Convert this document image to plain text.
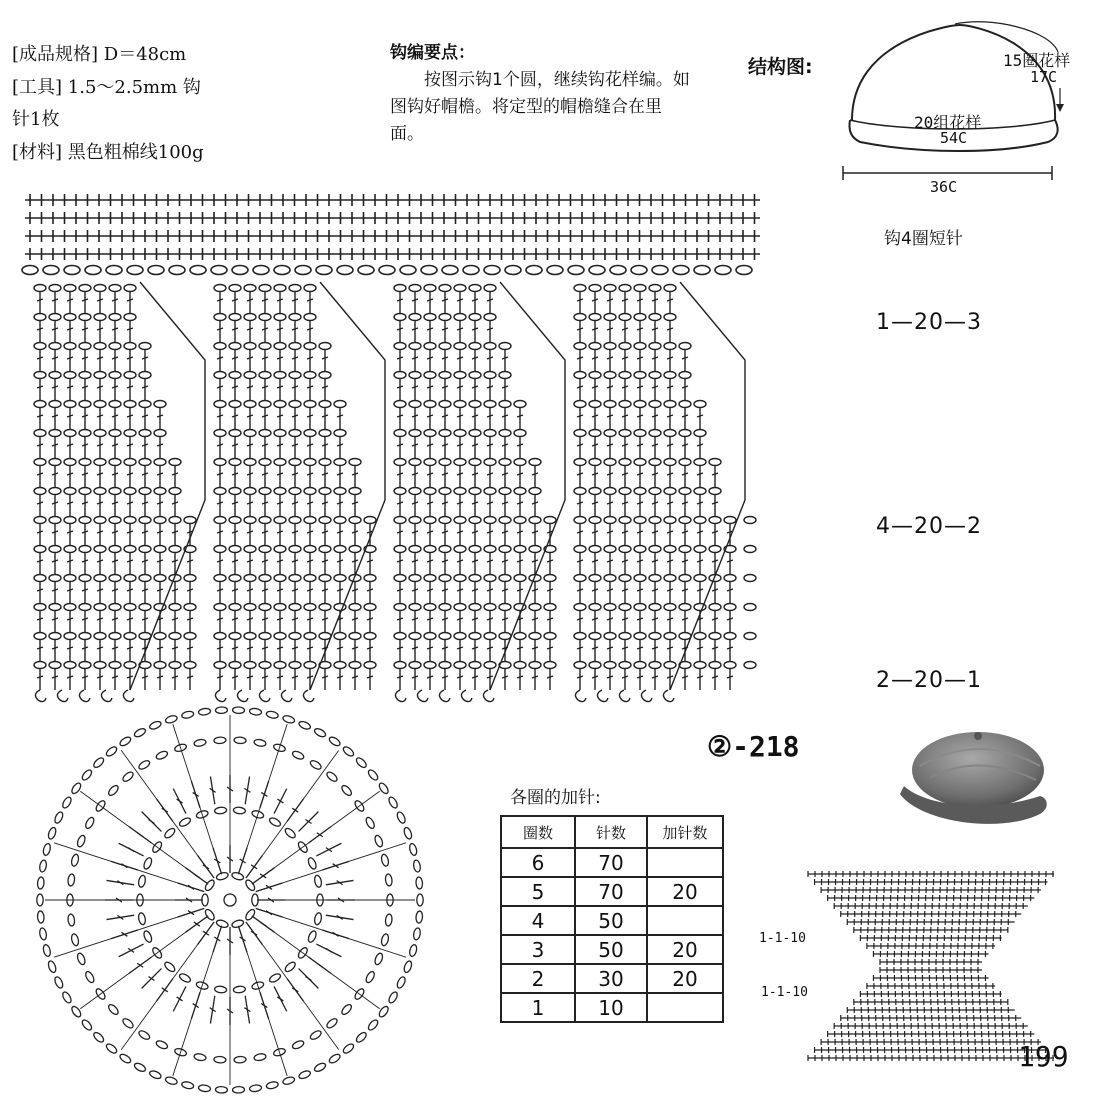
[成品规格] D＝48cm
[工具] 1.5～2.5mm 钩
针1枚
[材料] 黑色粗棉线100g
钩编要点：
按图示钩1个圆，继续钩花样编。如图钩好帽檐。将定型的帽檐缝合在里面。
结构图:	15圈花样
17C
20组花样
54C
36C
钩4圈短针
1—20—3
4—20—2
2—20—1
②-218
各圈的加针:
圈数	针数	加针数
6	70	
5	70	20
4	50	
3	50	20
2	30	20
1	10	
1-1-10
1-1-10
199
